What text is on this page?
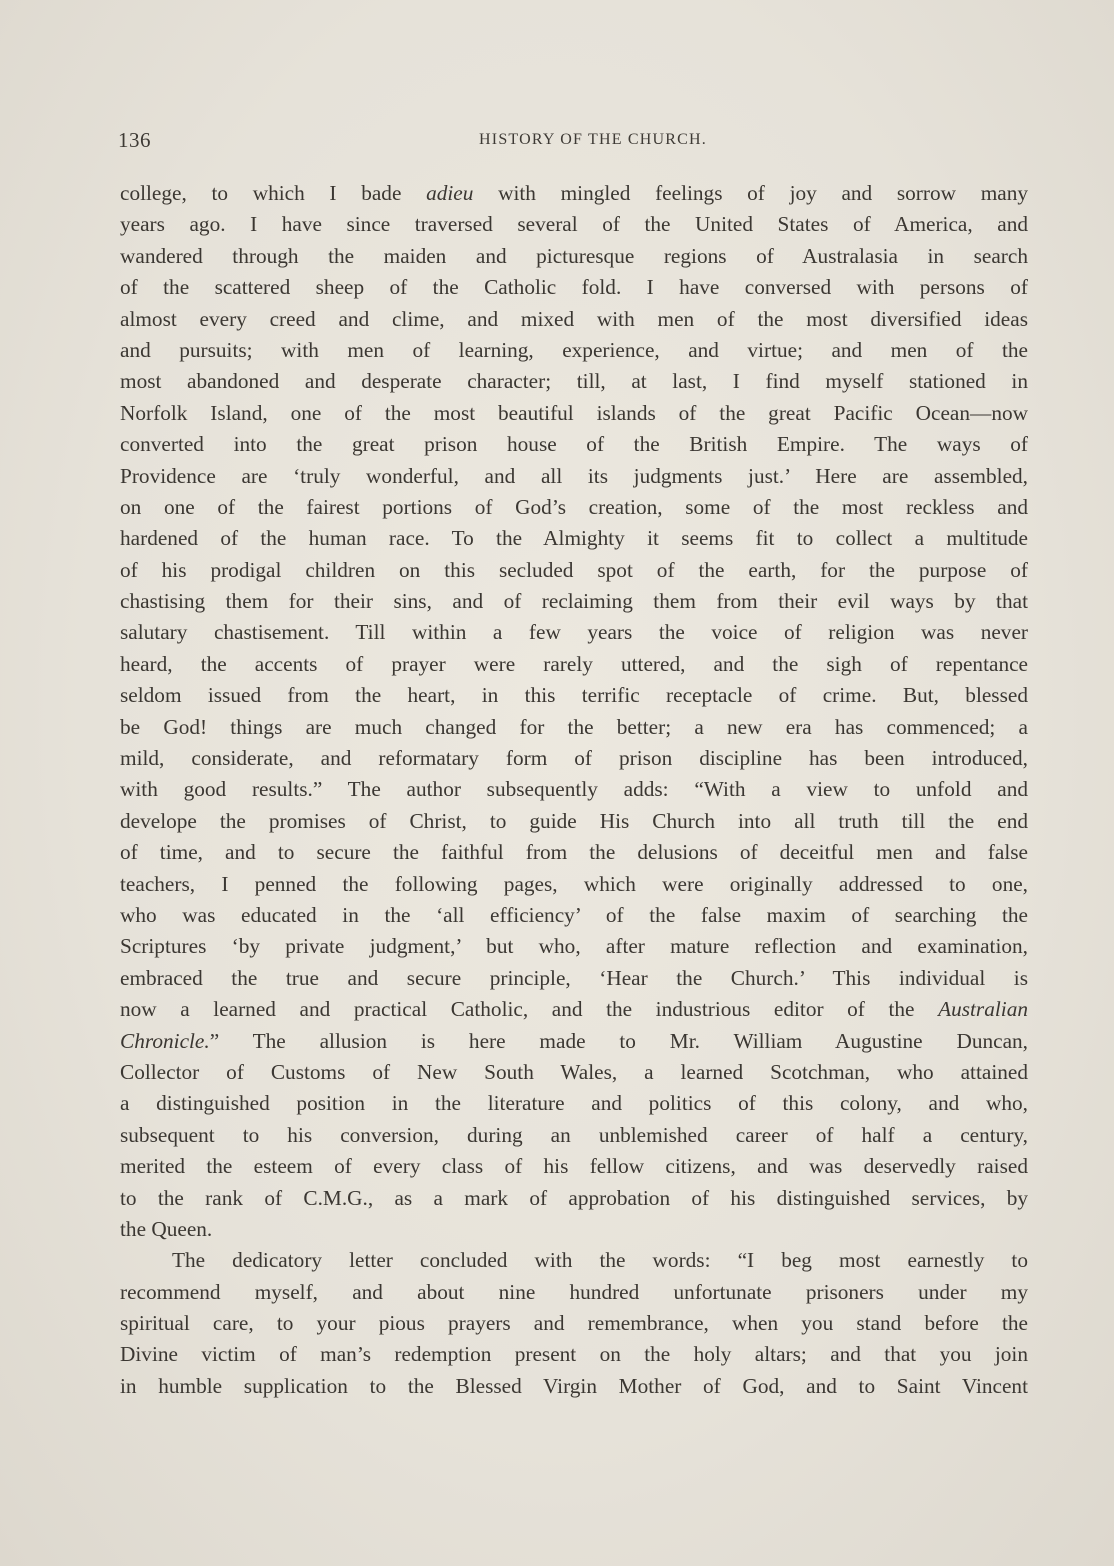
136	HISTORY OF THE CHURCH.
college, to which I bade adieu with mingled feelings of joy and sorrow many
years ago. I have since traversed several of the United States of America, and
wandered through the maiden and picturesque regions of Australasia in search
of the scattered sheep of the Catholic fold. I have conversed with persons of
almost every creed and clime, and mixed with men of the most diversified ideas
and pursuits; with men of learning, experience, and virtue; and men of the
most abandoned and desperate character; till, at last, I find myself stationed in
Norfolk Island, one of the most beautiful islands of the great Pacific Ocean—now
converted into the great prison house of the British Empire. The ways of
Providence are ‘truly wonderful, and all its judgments just.’ Here are assembled,
on one of the fairest portions of God’s creation, some of the most reckless and
hardened of the human race. To the Almighty it seems fit to collect a multitude
of his prodigal children on this secluded spot of the earth, for the purpose of
chastising them for their sins, and of reclaiming them from their evil ways by that
salutary chastisement. Till within a few years the voice of religion was never
heard, the accents of prayer were rarely uttered, and the sigh of repentance
seldom issued from the heart, in this terrific receptacle of crime. But, blessed
be God! things are much changed for the better; a new era has commenced; a
mild, considerate, and reformatary form of prison discipline has been introduced,
with good results.” The author subsequently adds: “With a view to unfold and
develope the promises of Christ, to guide His Church into all truth till the end
of time, and to secure the faithful from the delusions of deceitful men and false
teachers, I penned the following pages, which were originally addressed to one,
who was educated in the ‘all efficiency’ of the false maxim of searching the
Scriptures ‘by private judgment,’ but who, after mature reflection and examination,
embraced the true and secure principle, ‘Hear the Church.’ This individual is
now a learned and practical Catholic, and the industrious editor of the Australian
Chronicle.” The allusion is here made to Mr. William Augustine Duncan,
Collector of Customs of New South Wales, a learned Scotchman, who attained
a distinguished position in the literature and politics of this colony, and who,
subsequent to his conversion, during an unblemished career of half a century,
merited the esteem of every class of his fellow citizens, and was deservedly raised
to the rank of C.M.G., as a mark of approbation of his distinguished services, by
the Queen.
The dedicatory letter concluded with the words: “I beg most earnestly to
recommend myself, and about nine hundred unfortunate prisoners under my
spiritual care, to your pious prayers and remembrance, when you stand before the
Divine victim of man’s redemption present on the holy altars; and that you join
in humble supplication to the Blessed Virgin Mother of God, and to Saint Vincent
